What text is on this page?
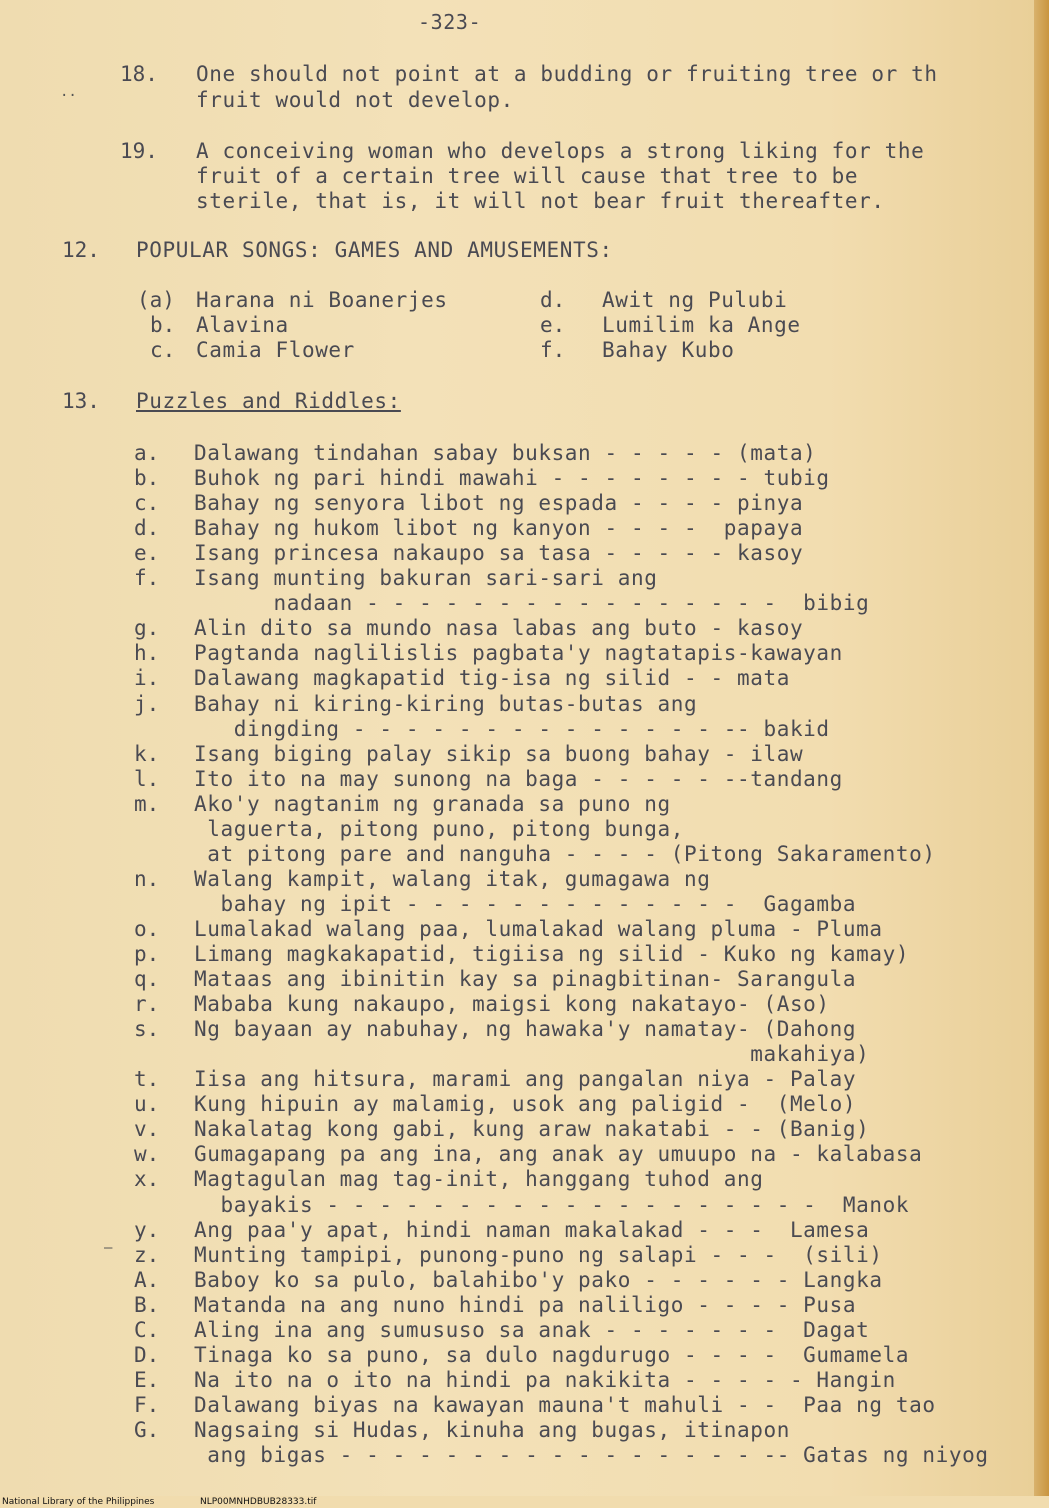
-323-
18. One should not point at a budding or fruiting tree or th
fruit would not develop.
19. A conceiving woman who develops a strong liking for the
fruit of a certain tree will cause that tree to be
sterile, that is, it will not bear fruit thereafter.
12. POPULAR SONGS: GAMES AND AMUSEMENTS:
(a) Harana ni Boanerjes
b. Alavina
c. Camia Flower
d. Awit ng Pulubi
e. Lumilim ka Ange
f. Bahay Kubo
13. Puzzles and Riddles:
a. Dalawang tindahan sabay buksan - - - - - (mata)
b. Buhok ng pari hindi mawahi - - - - - - - - tubig
c. Bahay ng senyora libot ng espada - - - - pinya
d. Bahay ng hukom libot ng kanyon - - - -  papaya
e. Isang princesa nakaupo sa tasa - - - - - kasoy
f. Isang munting bakuran sari-sari ang
nadaan - - - - - - - - - - - - - - - -  bibig
g. Alin dito sa mundo nasa labas ang buto - kasoy
h. Pagtanda naglilislis pagbata'y nagtatapis-kawayan
i. Dalawang magkapatid tig-isa ng silid - - mata
j. Bahay ni kiring-kiring butas-butas ang
dingding - - - - - - - - - - - - - - -- bakid
k. Isang biging palay sikip sa buong bahay - ilaw
l. Ito ito na may sunong na baga - - - - - --tandang
m. Ako'y nagtanim ng granada sa puno ng
laguerta, pitong puno, pitong bunga,
at pitong pare and nanguha - - - - (Pitong Sakaramento)
n. Walang kampit, walang itak, gumagawa ng
bahay ng ipit - - - - - - - - - - - - -  Gagamba
o. Lumalakad walang paa, lumalakad walang pluma - Pluma
p. Limang magkakapatid, tigiisa ng silid - Kuko ng kamay)
q. Mataas ang ibinitin kay sa pinagbitinan- Sarangula
r. Mababa kung nakaupo, maigsi kong nakatayo- (Aso)
s. Ng bayaan ay nabuhay, ng hawaka'y namatay- (Dahong
makahiya)
t. Iisa ang hitsura, marami ang pangalan niya - Palay
u. Kung hipuin ay malamig, usok ang paligid -  (Melo)
v. Nakalatag kong gabi, kung araw nakatabi - - (Banig)
w. Gumagapang pa ang ina, ang anak ay umuupo na - kalabasa
x. Magtagulan mag tag-init, hanggang tuhod ang
bayakis - - - - - - - - - - - - - - - - - - -  Manok
y. Ang paa'y apat, hindi naman makalakad - - -  Lamesa
z. Munting tampipi, punong-puno ng salapi - - -  (sili)
A. Baboy ko sa pulo, balahibo'y pako - - - - - - Langka
B. Matanda na ang nuno hindi pa naliligo - - - - Pusa
C. Aling ina ang sumususo sa anak - - - - - - -  Dagat
D. Tinaga ko sa puno, sa dulo nagdurugo - - - -  Gumamela
E. Na ito na o ito na hindi pa nakikita - - - - - Hangin
F. Dalawang biyas na kawayan mauna't mahuli - -  Paa ng tao
G. Nagsaing si Hudas, kinuha ang bugas, itinapon
ang bigas - - - - - - - - - - - - - - - - -- Gatas ng niyog
··
—
National Library of the Philippines	NLP00MNHDBUB28333.tif
